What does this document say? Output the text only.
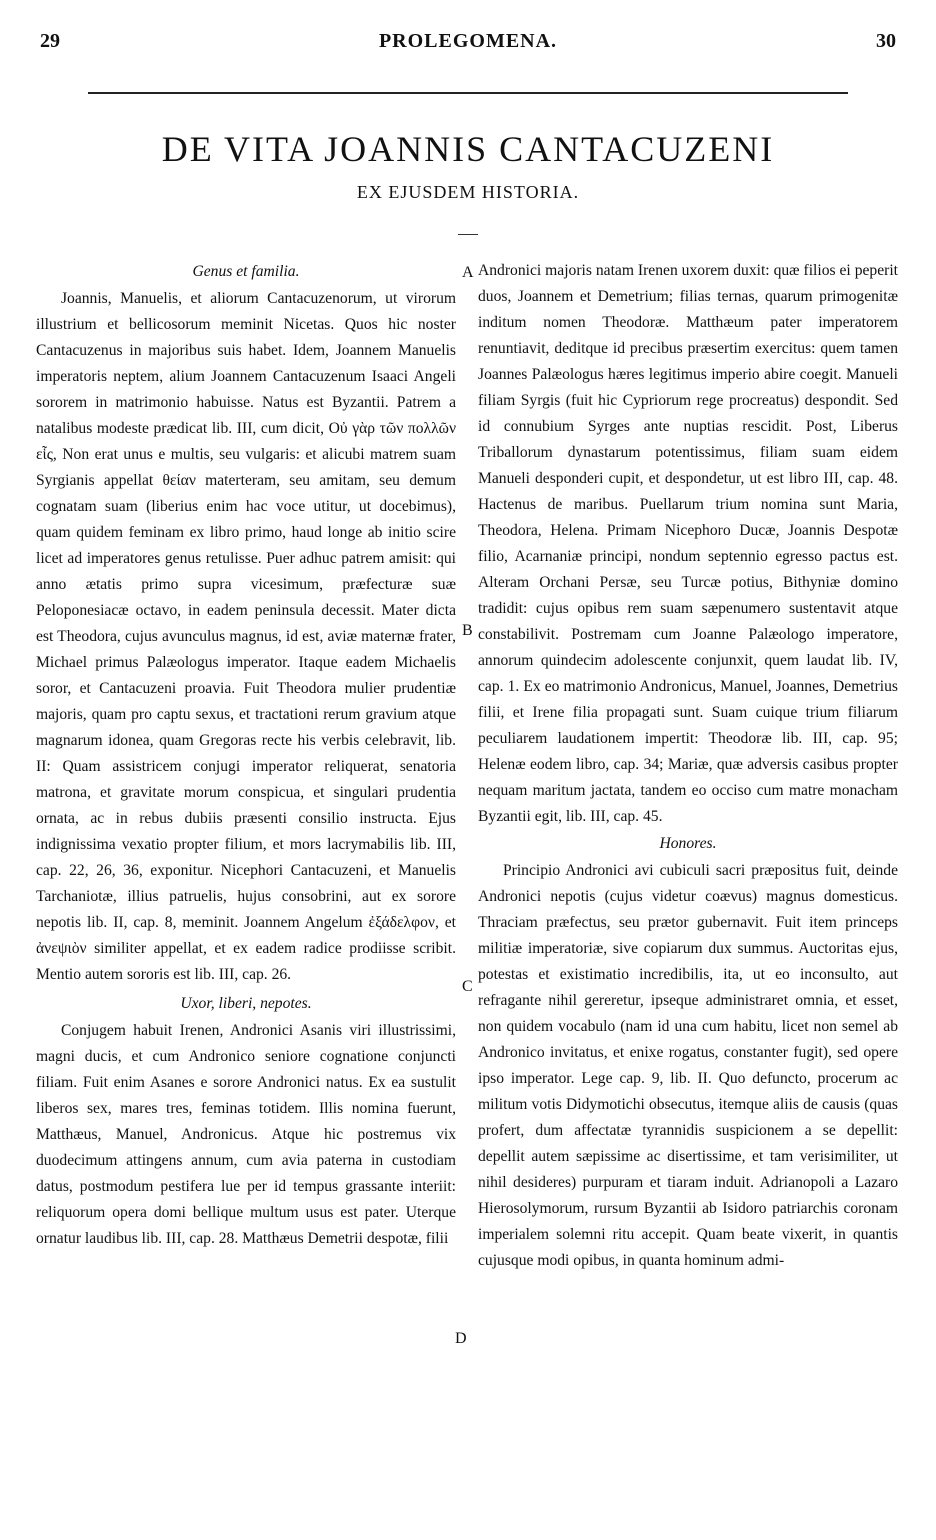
29	PROLEGOMENA.	30
DE VITA JOANNIS CANTACUZENI
EX EJUSDEM HISTORIA.
Genus et familia.

Joannis, Manuelis, et aliorum Cantacuzenorum, ut virorum illustrium et bellicosorum meminit Nicetas. Quos hic noster Cantacuzenus in majoribus suis habet. Idem, Joannem Manuelis imperatoris neptem, alium Joannem Cantacuzenum Isaaci Angeli sororem in matrimonio habuisse. Natus est Byzantii. Patrem a natalibus modeste prædicat lib. III, cum dicit, Οὐ γὰρ τῶν πολλῶν εἷς, Non erat unus e multis, seu vulgaris: et alicubi matrem suam Syrgianis appellat θείαν materteram, seu amitam, seu demum cognatam suam (liberius enim hac voce utitur, ut docebimus), quam quidem feminam ex libro primo, haud longe ab initio scire licet ad imperatores genus retulisse. Puer adhuc patrem amisit: qui anno ætatis primo supra vicesimum, præfecturæ suæ Peloponesiacæ octavo, in eadem peninsula decessit. Mater dicta est Theodora, cujus avunculus magnus, id est, aviæ maternæ frater, Michael primus Palæologus imperator. Itaque eadem Michaelis soror, et Cantacuzeni proavia. Fuit Theodora mulier prudentiæ majoris, quam pro captu sexus, et tractationi rerum gravium atque magnarum idonea, quam Gregoras recte his verbis celebravit, lib. II: Quam assistricem conjugi imperator reliquerat, senatoria matrona, et gravitate morum conspicua, et singulari prudentia ornata, ac in rebus dubiis præsenti consilio instructa. Ejus indignissima vexatio propter filium, et mors lacrymabilis lib. III, cap. 22, 26, 36, exponitur. Nicephori Cantacuzeni, et Manuelis Tarchaniotæ, illius patruelis, hujus consobrini, aut ex sorore nepotis lib. II, cap. 8, meminit. Joannem Angelum ἐξάδελφον, et ἀνεψιὸν similiter appellat, et ex eadem radice prodiisse scribit. Mentio autem sororis est lib. III, cap. 26.

Uxor, liberi, nepotes.

Conjugem habuit Irenen, Andronici Asanis viri illustrissimi, magni ducis, et cum Andronico seniore cognatione conjuncti filiam. Fuit enim Asanes e sorore Andronici natus. Ex ea sustulit liberos sex, mares tres, feminas totidem. Illis nomina fuerunt, Matthæus, Manuel, Andronicus. Atque hic postremus vix duodecimum attingens annum, cum avia paterna in custodiam datus, postmodum pestifera lue per id tempus grassante interiit: reliquorum opera domi bellique multum usus est pater. Uterque ornatur laudibus lib. III, cap. 28. Matthæus Demetrii despotæ, filii

Andronici majoris natam Irenen uxorem duxit: quæ filios ei peperit duos, Joannem et Demetrium; filias ternas, quarum primogenitæ inditum nomen Theodoræ. Matthæum pater imperatorem renuntiavit, deditque id precibus præsertim exercitus: quem tamen Joannes Palæologus hæres legitimus imperio abire coegit. Manueli filiam Syrgis (fuit hic Cypriorum rege procreatus) despondit. Sed id connubium Syrges ante nuptias rescidit. Post, Liberus Triballorum dynastarum potentissimus, filiam suam eidem Manueli desponderi cupit, et despondetur, ut est libro III, cap. 48. Hactenus de maribus. Puellarum trium nomina sunt Maria, Theodora, Helena. Primam Nicephoro Ducæ, Joannis Despotæ filio, Acarnaniæ principi, nondum septennio egresso pactus est. Alteram Orchani Persæ, seu Turcæ potius, Bithyniæ domino tradidit: cujus opibus rem suam sæpenumero sustentavit atque constabilivit. Postremam cum Joanne Palæologo imperatore, annorum quindecim adolescente conjunxit, quem laudat lib. IV, cap. 1. Ex eo matrimonio Andronicus, Manuel, Joannes, Demetrius filii, et Irene filia propagati sunt. Suam cuique trium filiarum peculiarem laudationem impertit: Theodoræ lib. III, cap. 95; Helenæ eodem libro, cap. 34; Mariæ, quæ adversis casibus propter nequam maritum jactata, tandem eo occiso cum matre monacham Byzantii egit, lib. III, cap. 45.

Honores.

Principio Andronici avi cubiculi sacri præpositus fuit, deinde Andronici nepotis (cujus videtur coævus) magnus domesticus. Thraciam præfectus, seu prætor gubernavit. Fuit item princeps militiæ imperatoriæ, sive copiarum dux summus. Auctoritas ejus, potestas et existimatio incredibilis, ita, ut eo inconsulto, aut refragante nihil gereretur, ipseque administraret omnia, et esset, non quidem vocabulo (nam id una cum habitu, licet non semel ab Andronico invitatus, et enixe rogatus, constanter fugit), sed opere ipso imperator. Lege cap. 9, lib. II. Quo defuncto, procerum ac militum votis Didymotichi obsecutus, itemque aliis de causis (quas profert, dum affectatæ tyrannidis suspicionem a se depellit: depellit autem sæpissime ac disertissime, et tam verisimiliter, ut nihil desideres) purpuram et tiaram induit. Adrianopoli a Lazaro Hierosolymorum, rursum Byzantii ab Isidoro patriarchis coronam imperialem solemni ritu accepit. Quam beate vixerit, in quantis cujusque modi opibus, in quanta hominum admi-

A
B
C
D
